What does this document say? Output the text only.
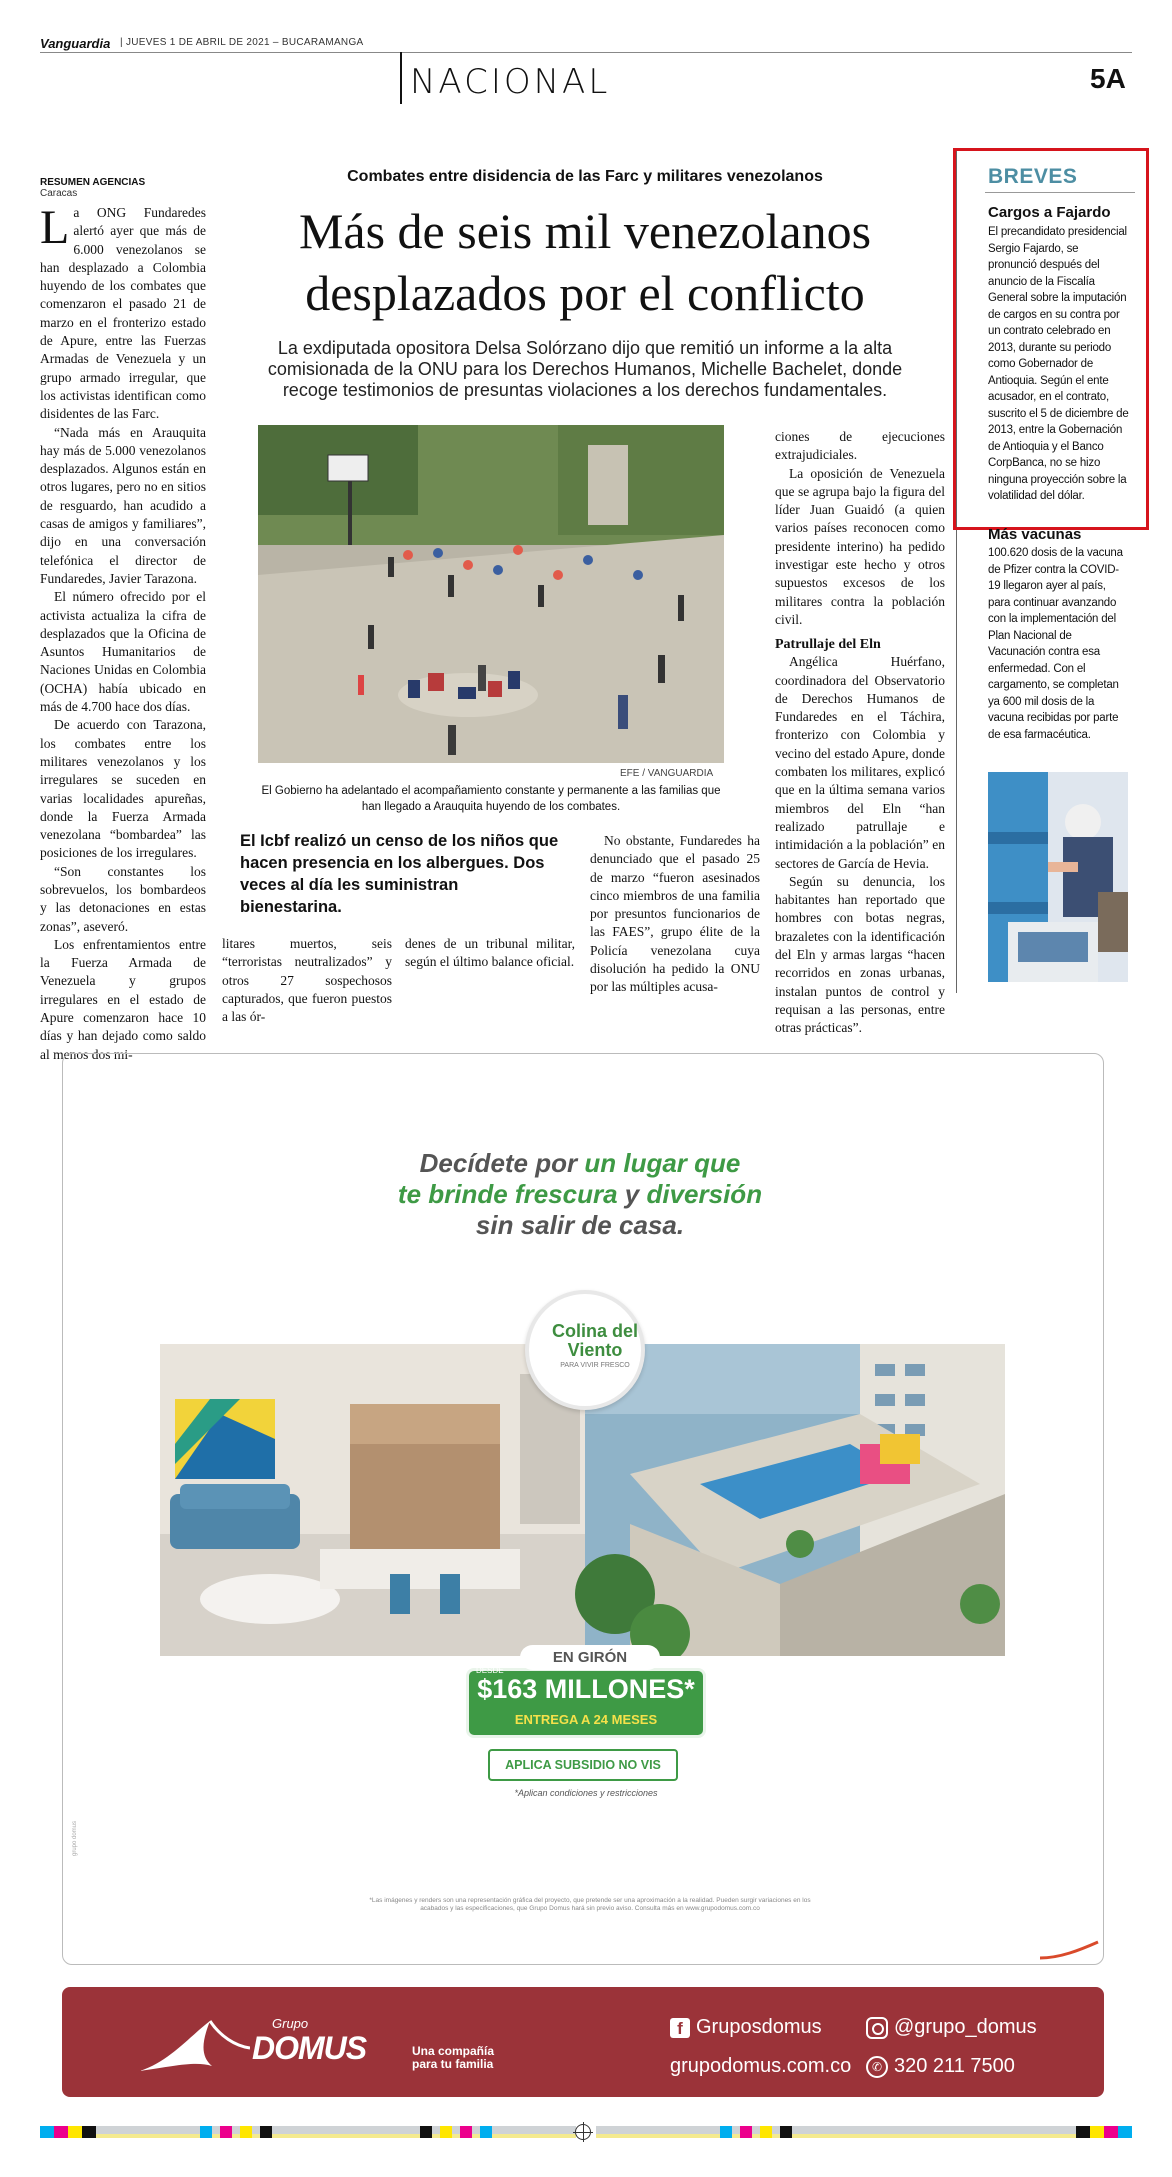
Vanguardia | JUEVES 1 DE ABRIL DE 2021 – BUCARAMANGA
NACIONAL	5A
RESUMEN AGENCIAS
Caracas

La ONG Fundaredes alertó ayer que más de 6.000 venezolanos se han desplazado a Colombia huyendo de los combates que comenzaron el pasado 21 de marzo en el fronterizo estado de Apure, entre las Fuerzas Armadas de Venezuela y un grupo armado irregular, que los activistas identifican como disidentes de las Farc.

“Nada más en Arauquita hay más de 5.000 venezolanos desplazados. Algunos están en otros lugares, pero no en sitios de resguardo, han acudido a casas de amigos y familiares”, dijo en una conversación telefónica el director de Fundaredes, Javier Tarazona.

El número ofrecido por el activista actualiza la cifra de desplazados que la Oficina de Asuntos Humanitarios de Naciones Unidas en Colombia (OCHA) había ubicado en más de 4.700 hace dos días.

De acuerdo con Tarazona, los combates entre los militares venezolanos y los irregulares se suceden en varias localidades apureñas, donde la Fuerza Armada venezolana “bombardea” las posiciones de los irregulares.

“Son constantes los sobrevuelos, los bombardeos y las detonaciones en estas zonas”, aseveró.

Los enfrentamientos entre la Fuerza Armada de Venezuela y grupos irregulares en el estado de Apure comenzaron hace 10 días y han dejado como saldo al menos dos mi-

Combates entre disidencia de las Farc y militares venezolanos
Más de seis mil venezolanos desplazados por el conflicto
La exdiputada opositora Delsa Solórzano dijo que remitió un informe a la alta comisionada de la ONU para los Derechos Humanos, Michelle Bachelet, donde recoge testimonios de presuntas violaciones a los derechos fundamentales.
EFE / VANGUARDIA
El Gobierno ha adelantado el acompañamiento constante y permanente a las familias que han llegado a Arauquita huyendo de los combates.
El Icbf realizó un censo de los niños que hacen presencia en los albergues. Dos veces al día les suministran bienestarina.
litares muertos, seis “terroristas neutralizados” y otros 27 sospechosos capturados, que fueron puestos a las ór-
denes de un tribunal militar, según el último balance oficial.

No obstante, Fundaredes ha denunciado que el pasado 25 de marzo “fueron asesinados cinco miembros de una familia por presuntos funcionarios de las FAES”, grupo élite de la Policía venezolana cuya disolución ha pedido la ONU por las múltiples acusa-

ciones de ejecuciones extrajudiciales.

La oposición de Venezuela que se agrupa bajo la figura del líder Juan Guaidó (a quien varios países reconocen como presidente interino) ha pedido investigar este hecho y otros supuestos excesos de los militares contra la población civil.

Patrullaje del Eln

Angélica Huérfano, coordinadora del Observatorio de Derechos Humanos de Fundaredes en el Táchira, fronterizo con Colombia y vecino del estado Apure, donde combaten los militares, explicó que en la última semana varios miembros del Eln “han realizado patrullaje e intimidación a la población” en sectores de García de Hevia.

Según su denuncia, los habitantes han reportado que hombres con botas negras, brazaletes con la identificación del Eln y armas largas “hacen recorridos en zonas urbanas, instalan puntos de control y requisan a las personas, entre otras prácticas”.

BREVES
Cargos a Fajardo
El precandidato presidencial Sergio Fajardo, se pronunció después del anuncio de la Fiscalía General sobre la imputación de cargos en su contra por un contrato celebrado en 2013, durante su periodo como Gobernador de Antioquia. Según el ente acusador, en el contrato, suscrito el 5 de diciembre de 2013, entre la Gobernación de Antioquia y el Banco CorpBanca, no se hizo ninguna proyección sobre la volatilidad del dólar.
Más vacunas
100.620 dosis de la vacuna de Pfizer contra la COVID-19 llegaron ayer al país, para continuar avanzando con la implementación del Plan Nacional de Vacunación contra esa enfermedad. Con el cargamento, se completan ya 600 mil dosis de la vacuna recibidas por parte de esa farmacéutica.
Decídete por un lugar que
te brinde frescura y diversión
sin salir de casa.
Colina del Viento
PARA VIVIR FRESCO
EN GIRÓN
DESDE
$163 MILLONES*
ENTREGA A 24 MESES
APLICA SUBSIDIO NO VIS
*Aplican condiciones y restricciones
*Las imágenes y renders son una representación gráfica del proyecto, que pretende ser una aproximación a la realidad. Pueden surgir variaciones en los acabados y las especificaciones, que Grupo Domus hará sin previo aviso. Consulta más en www.grupodomus.com.co
grupo domus
Grupo
DOMUS	Una compañía para tu familia
f Gruposdomus	@grupo_domus
grupodomus.com.co	✆ 320 211 7500
